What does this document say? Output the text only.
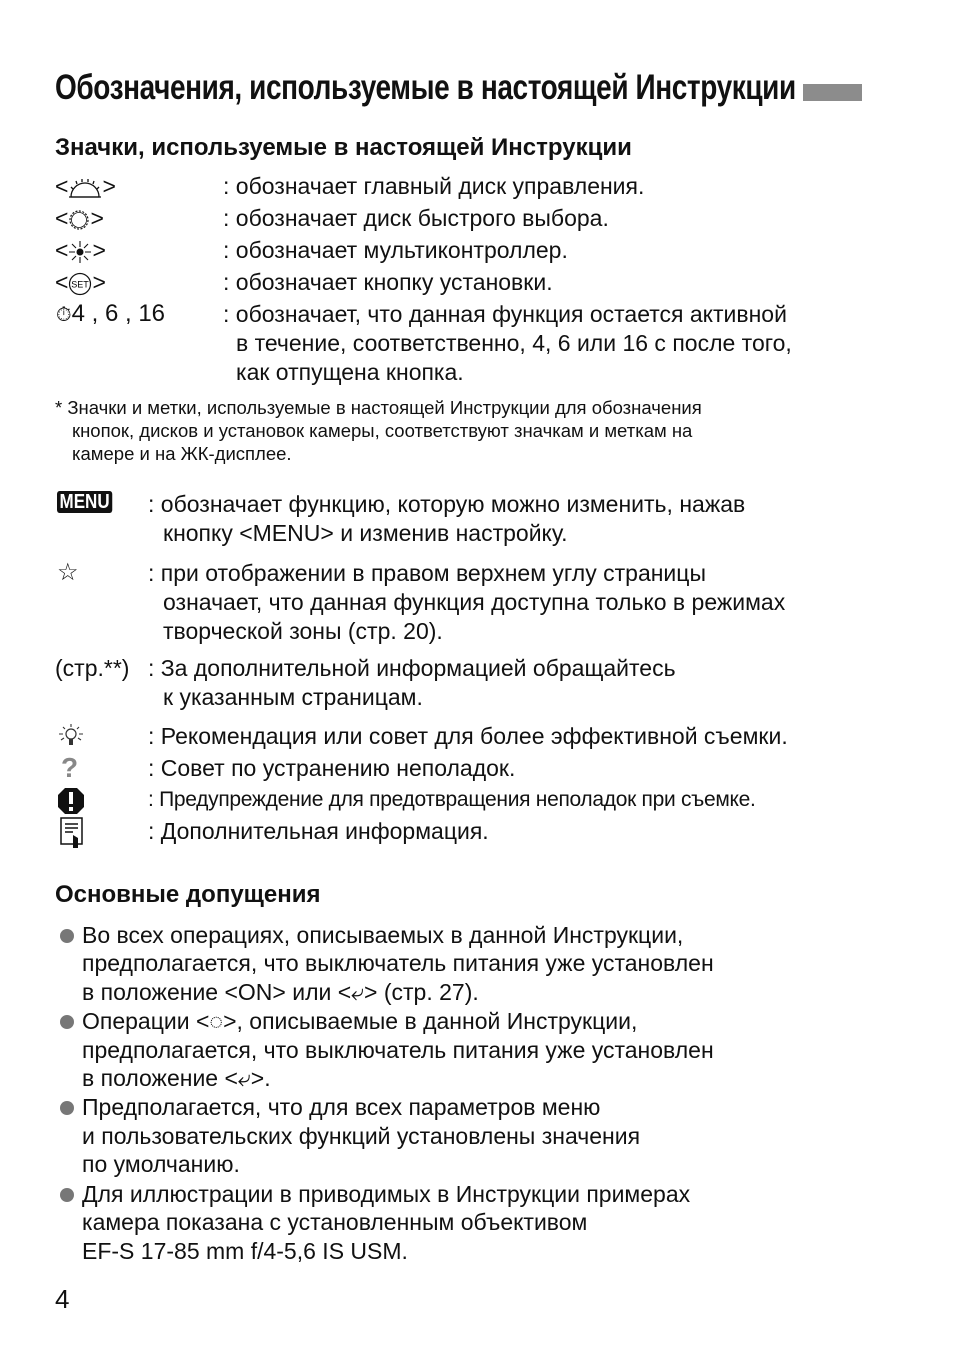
Обозначения, используемые в настоящей Инструкции
Значки, используемые в настоящей Инструкции
< >	: обозначает главный диск управления.
< >	: обозначает диск быстрого выбора.
< >	: обозначает мультиконтроллер.
< SET >	: обозначает кнопку установки.
⏱4 , 6 , 16	: обозначает, что данная функция остается активной
в течение, соответственно, 4, 6 или 16 с после того,
как отпущена кнопка.
* Значки и метки, используемые в настоящей Инструкции для обозначения
кнопок, дисков и установок камеры, соответствуют значкам и меткам на
камере и на ЖК-дисплее.
MENU : обозначает функцию, которую можно изменить, нажав
кнопку <MENU> и изменив настройку.
☆	: при отображении в правом верхнем углу страницы
означает, что данная функция доступна только в режимах
творческой зоны (стр. 20).
(стр.**) : За дополнительной информацией обращайтесь
к указанным страницам.
: Рекомендация или совет для более эффективной съемки.
?	: Совет по устранению неполадок.
: Предупреждение для предотвращения неполадок при съемке.
: Дополнительная информация.
Основные допущения
Во всех операциях, описываемых в данной Инструкции,
предполагается, что выключатель питания уже установлен
в положение <ON> или <⤶> (стр. 27).
Операции <◌>, описываемые в данной Инструкции,
предполагается, что выключатель питания уже установлен
в положение <⤶>.
Предполагается, что для всех параметров меню
и пользовательских функций установлены значения
по умолчанию.
Для иллюстрации в приводимых в Инструкции примерах
камера показана с установленным объективом
EF-S 17-85 mm f/4-5,6 IS USM.
4
